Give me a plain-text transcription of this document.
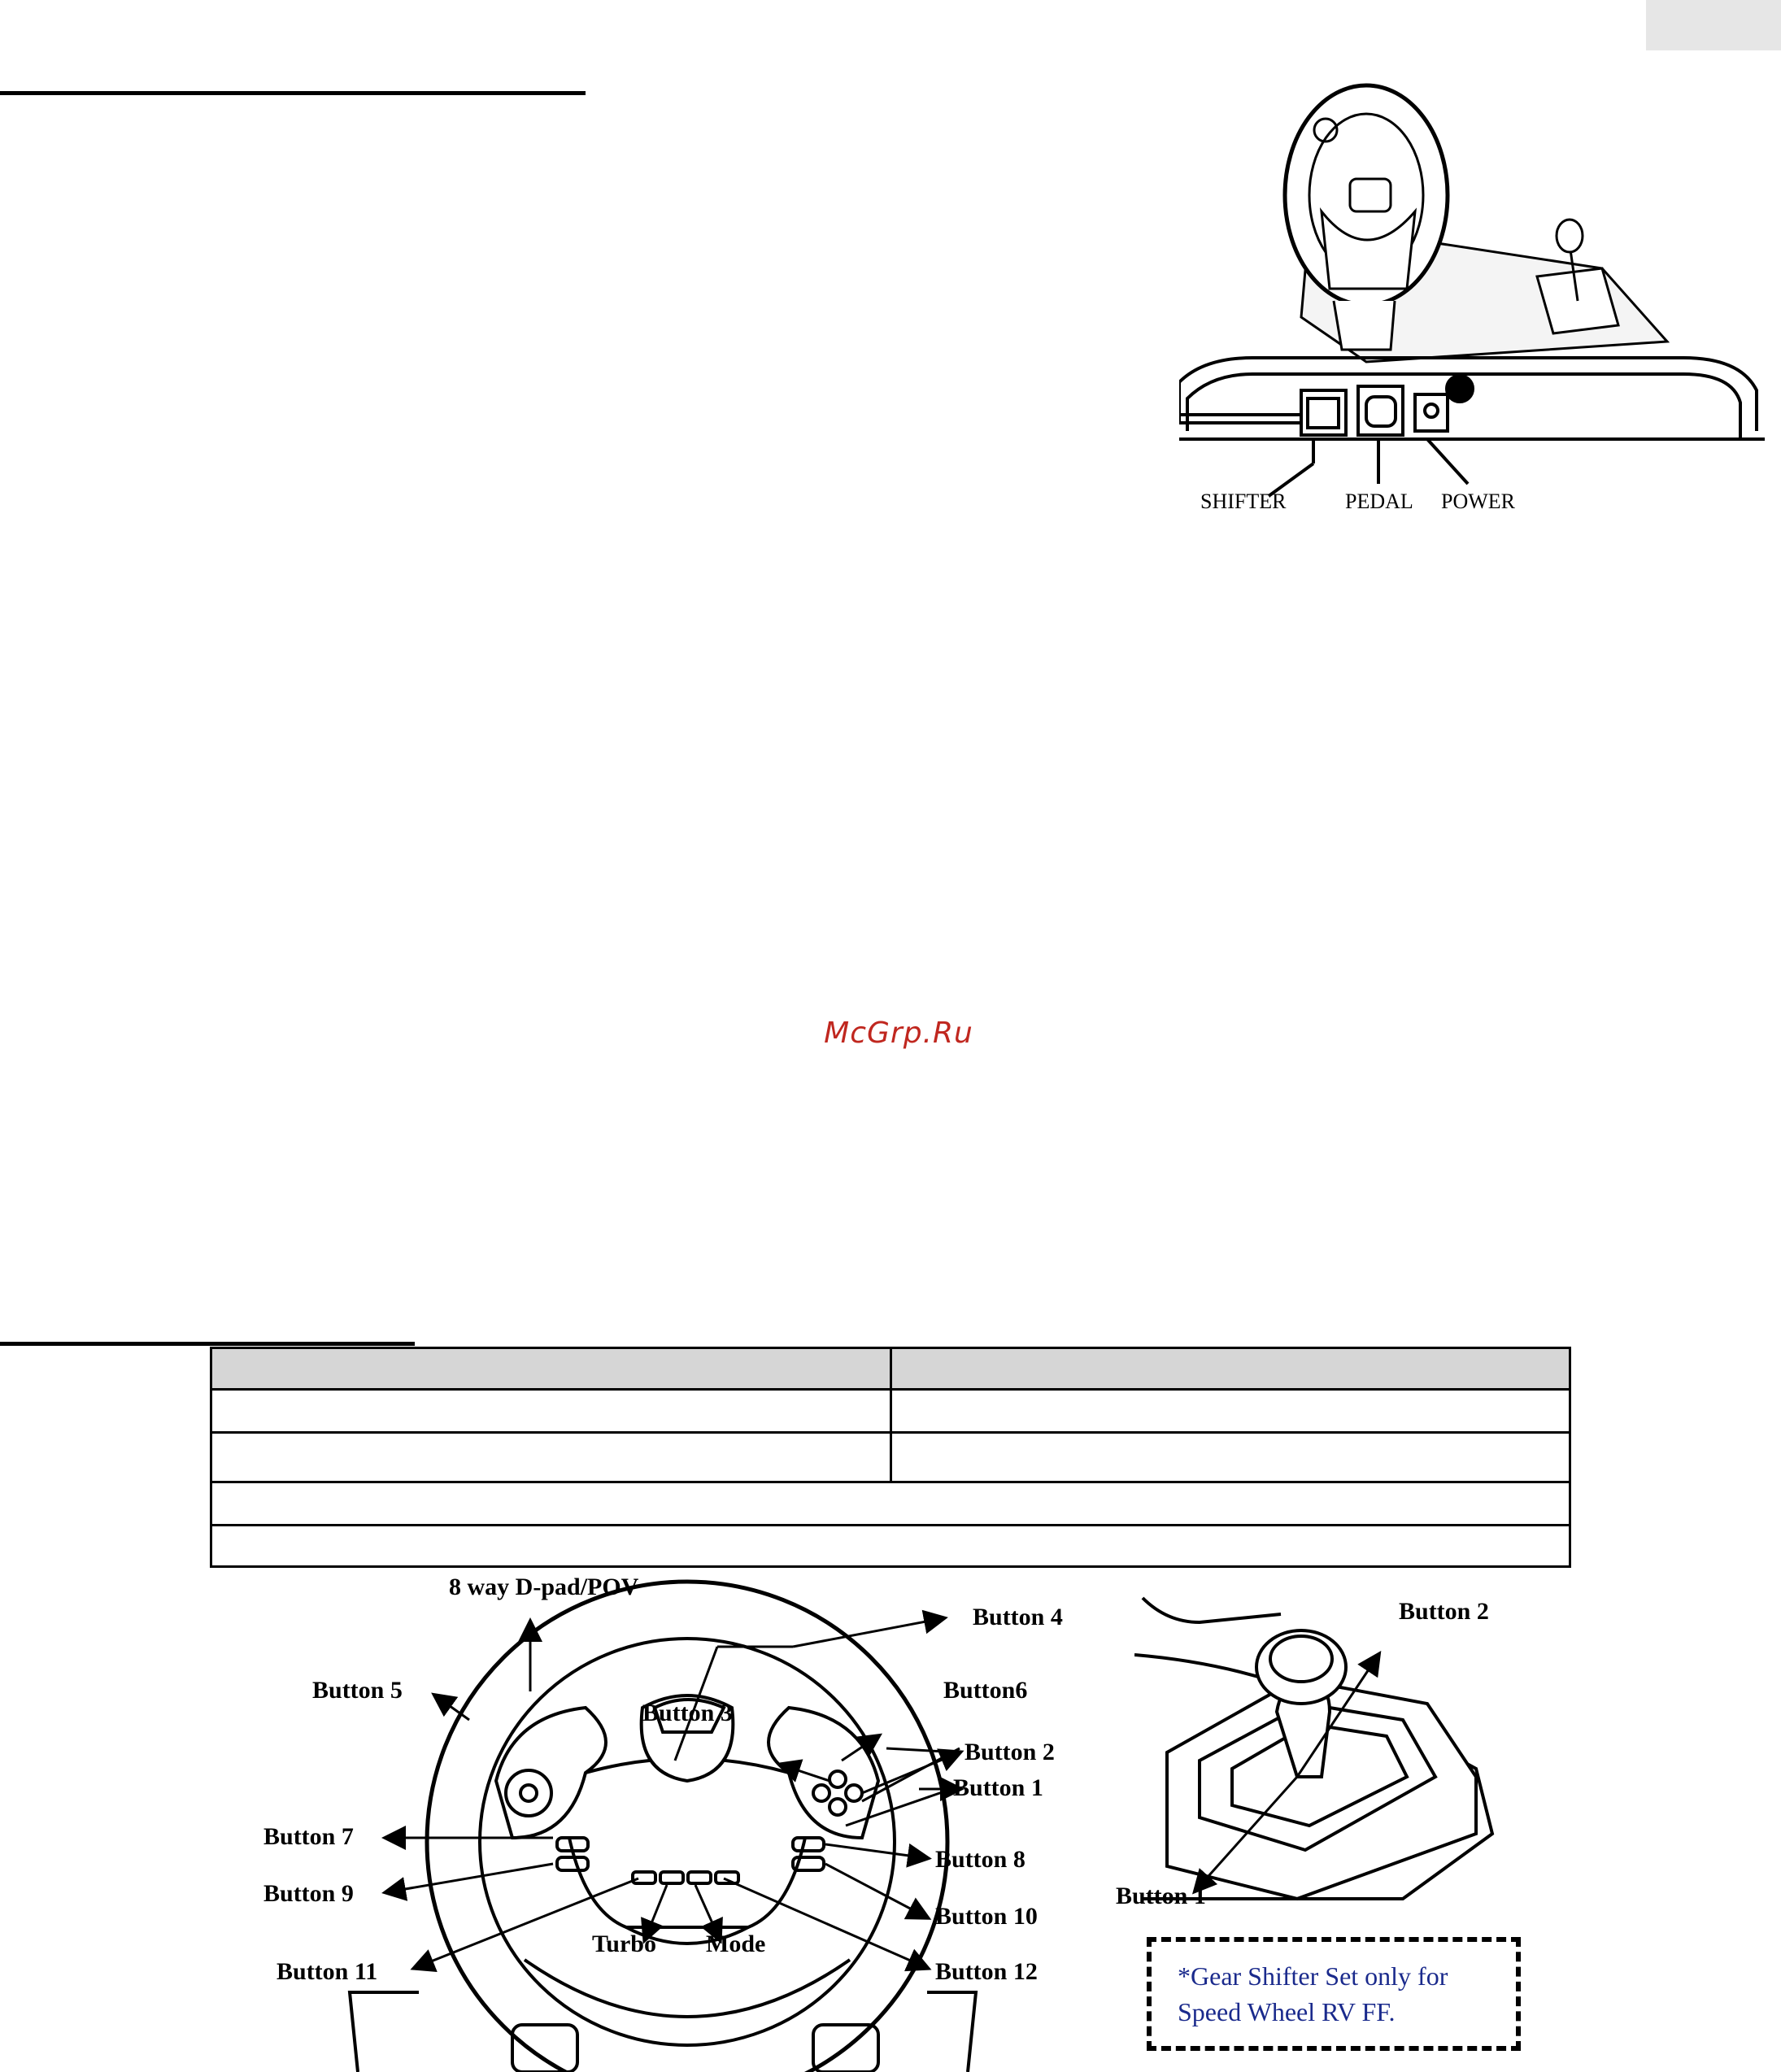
SHIFTER	PEDAL POWER
McGrp.Ru

8 way D-pad/POV
Button 5
Button 4
Button6
Button 3
Button 2
Button 1
Button 7
Button 8
Button 9
Button 10
Button 11	Button 12
Turbo Mode
Button 2
Button 1
*Gear Shifter Set only for
Speed Wheel RV FF.
